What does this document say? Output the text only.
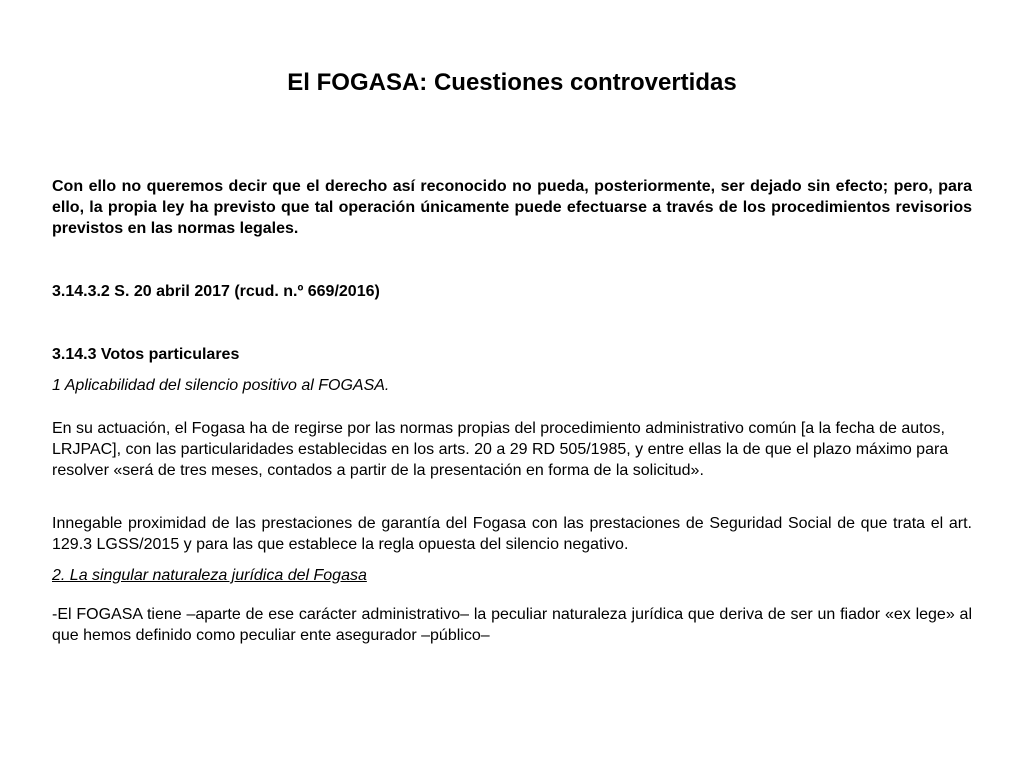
El FOGASA: Cuestiones controvertidas

Con ello no queremos decir que el derecho así reconocido no pueda, posteriormente, ser dejado sin efecto; pero, para ello, la propia ley ha previsto que tal operación únicamente puede efectuarse a través de los procedimientos revisorios previstos en las normas legales.

3.14.3.2 S. 20 abril 2017 (rcud. n.º 669/2016)

3.14.3 Votos particulares

1 Aplicabilidad del silencio positivo al FOGASA.

En su actuación, el Fogasa ha de regirse por las normas propias del procedimiento administrativo común [a la fecha de autos, LRJPAC], con las particularidades establecidas en los arts. 20 a 29 RD 505/1985, y entre ellas la de que el plazo máximo para resolver «será de tres meses, contados a partir de la presentación en forma de la solicitud».

Innegable proximidad de las prestaciones de garantía del Fogasa con las prestaciones de Seguridad Social de que trata el art. 129.3 LGSS/2015 y para las que establece la regla opuesta del silencio negativo.

2. La singular naturaleza jurídica del Fogasa

-El FOGASA tiene –aparte de ese carácter administrativo– la peculiar naturaleza jurídica que deriva de ser un fiador «ex lege» al que hemos definido como peculiar ente asegurador –público–
